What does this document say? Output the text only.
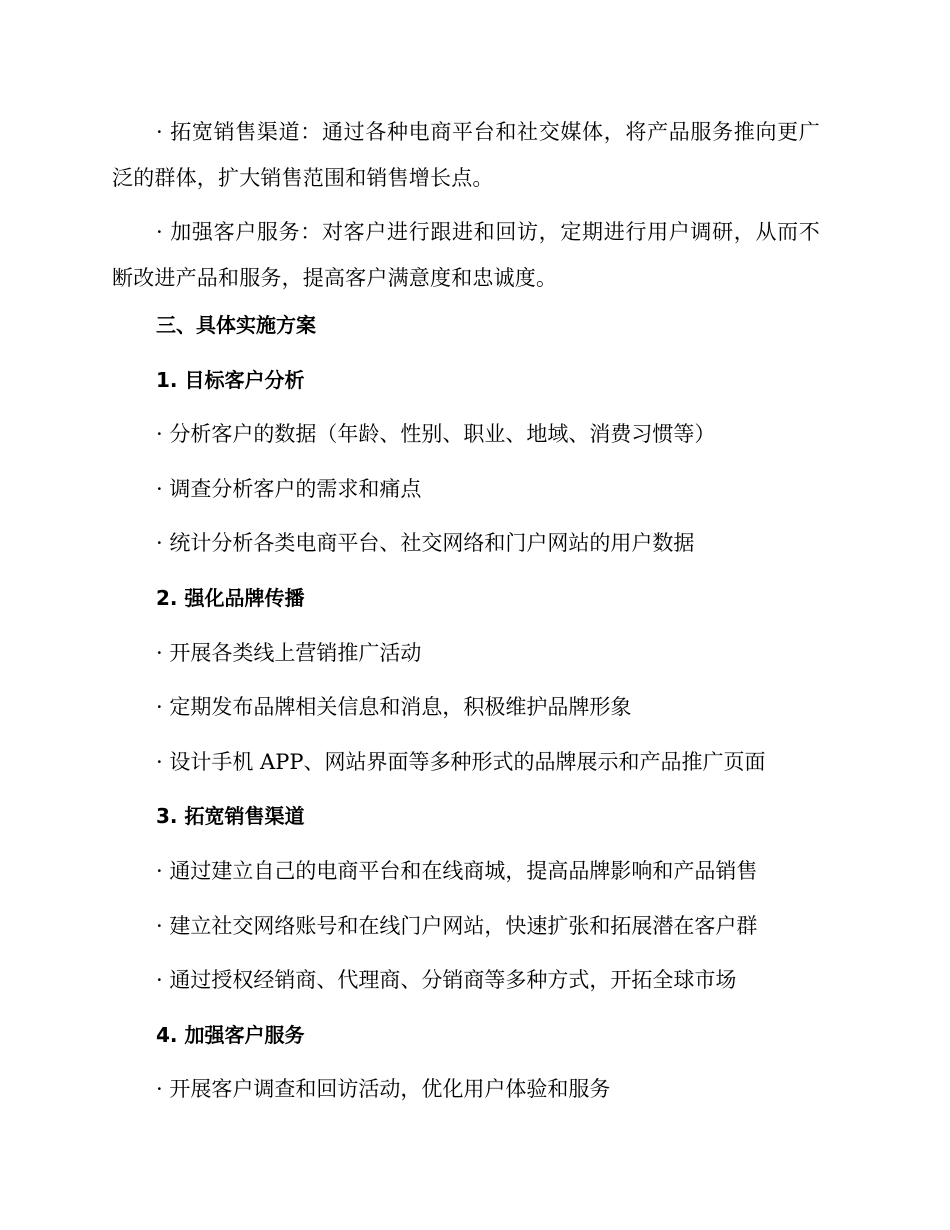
· 拓宽销售渠道：通过各种电商平台和社交媒体，将产品服务推向更广泛的群体，扩大销售范围和销售增长点。

· 加强客户服务：对客户进行跟进和回访，定期进行用户调研，从而不断改进产品和服务，提高客户满意度和忠诚度。

三、具体实施方案
1. 目标客户分析
· 分析客户的数据（年龄、性别、职业、地域、消费习惯等）
· 调查分析客户的需求和痛点
· 统计分析各类电商平台、社交网络和门户网站的用户数据
2. 强化品牌传播
· 开展各类线上营销推广活动
· 定期发布品牌相关信息和消息，积极维护品牌形象
· 设计手机 APP、网站界面等多种形式的品牌展示和产品推广页面
3. 拓宽销售渠道
· 通过建立自己的电商平台和在线商城，提高品牌影响和产品销售
· 建立社交网络账号和在线门户网站，快速扩张和拓展潜在客户群
· 通过授权经销商、代理商、分销商等多种方式，开拓全球市场
4. 加强客户服务
· 开展客户调查和回访活动，优化用户体验和服务
